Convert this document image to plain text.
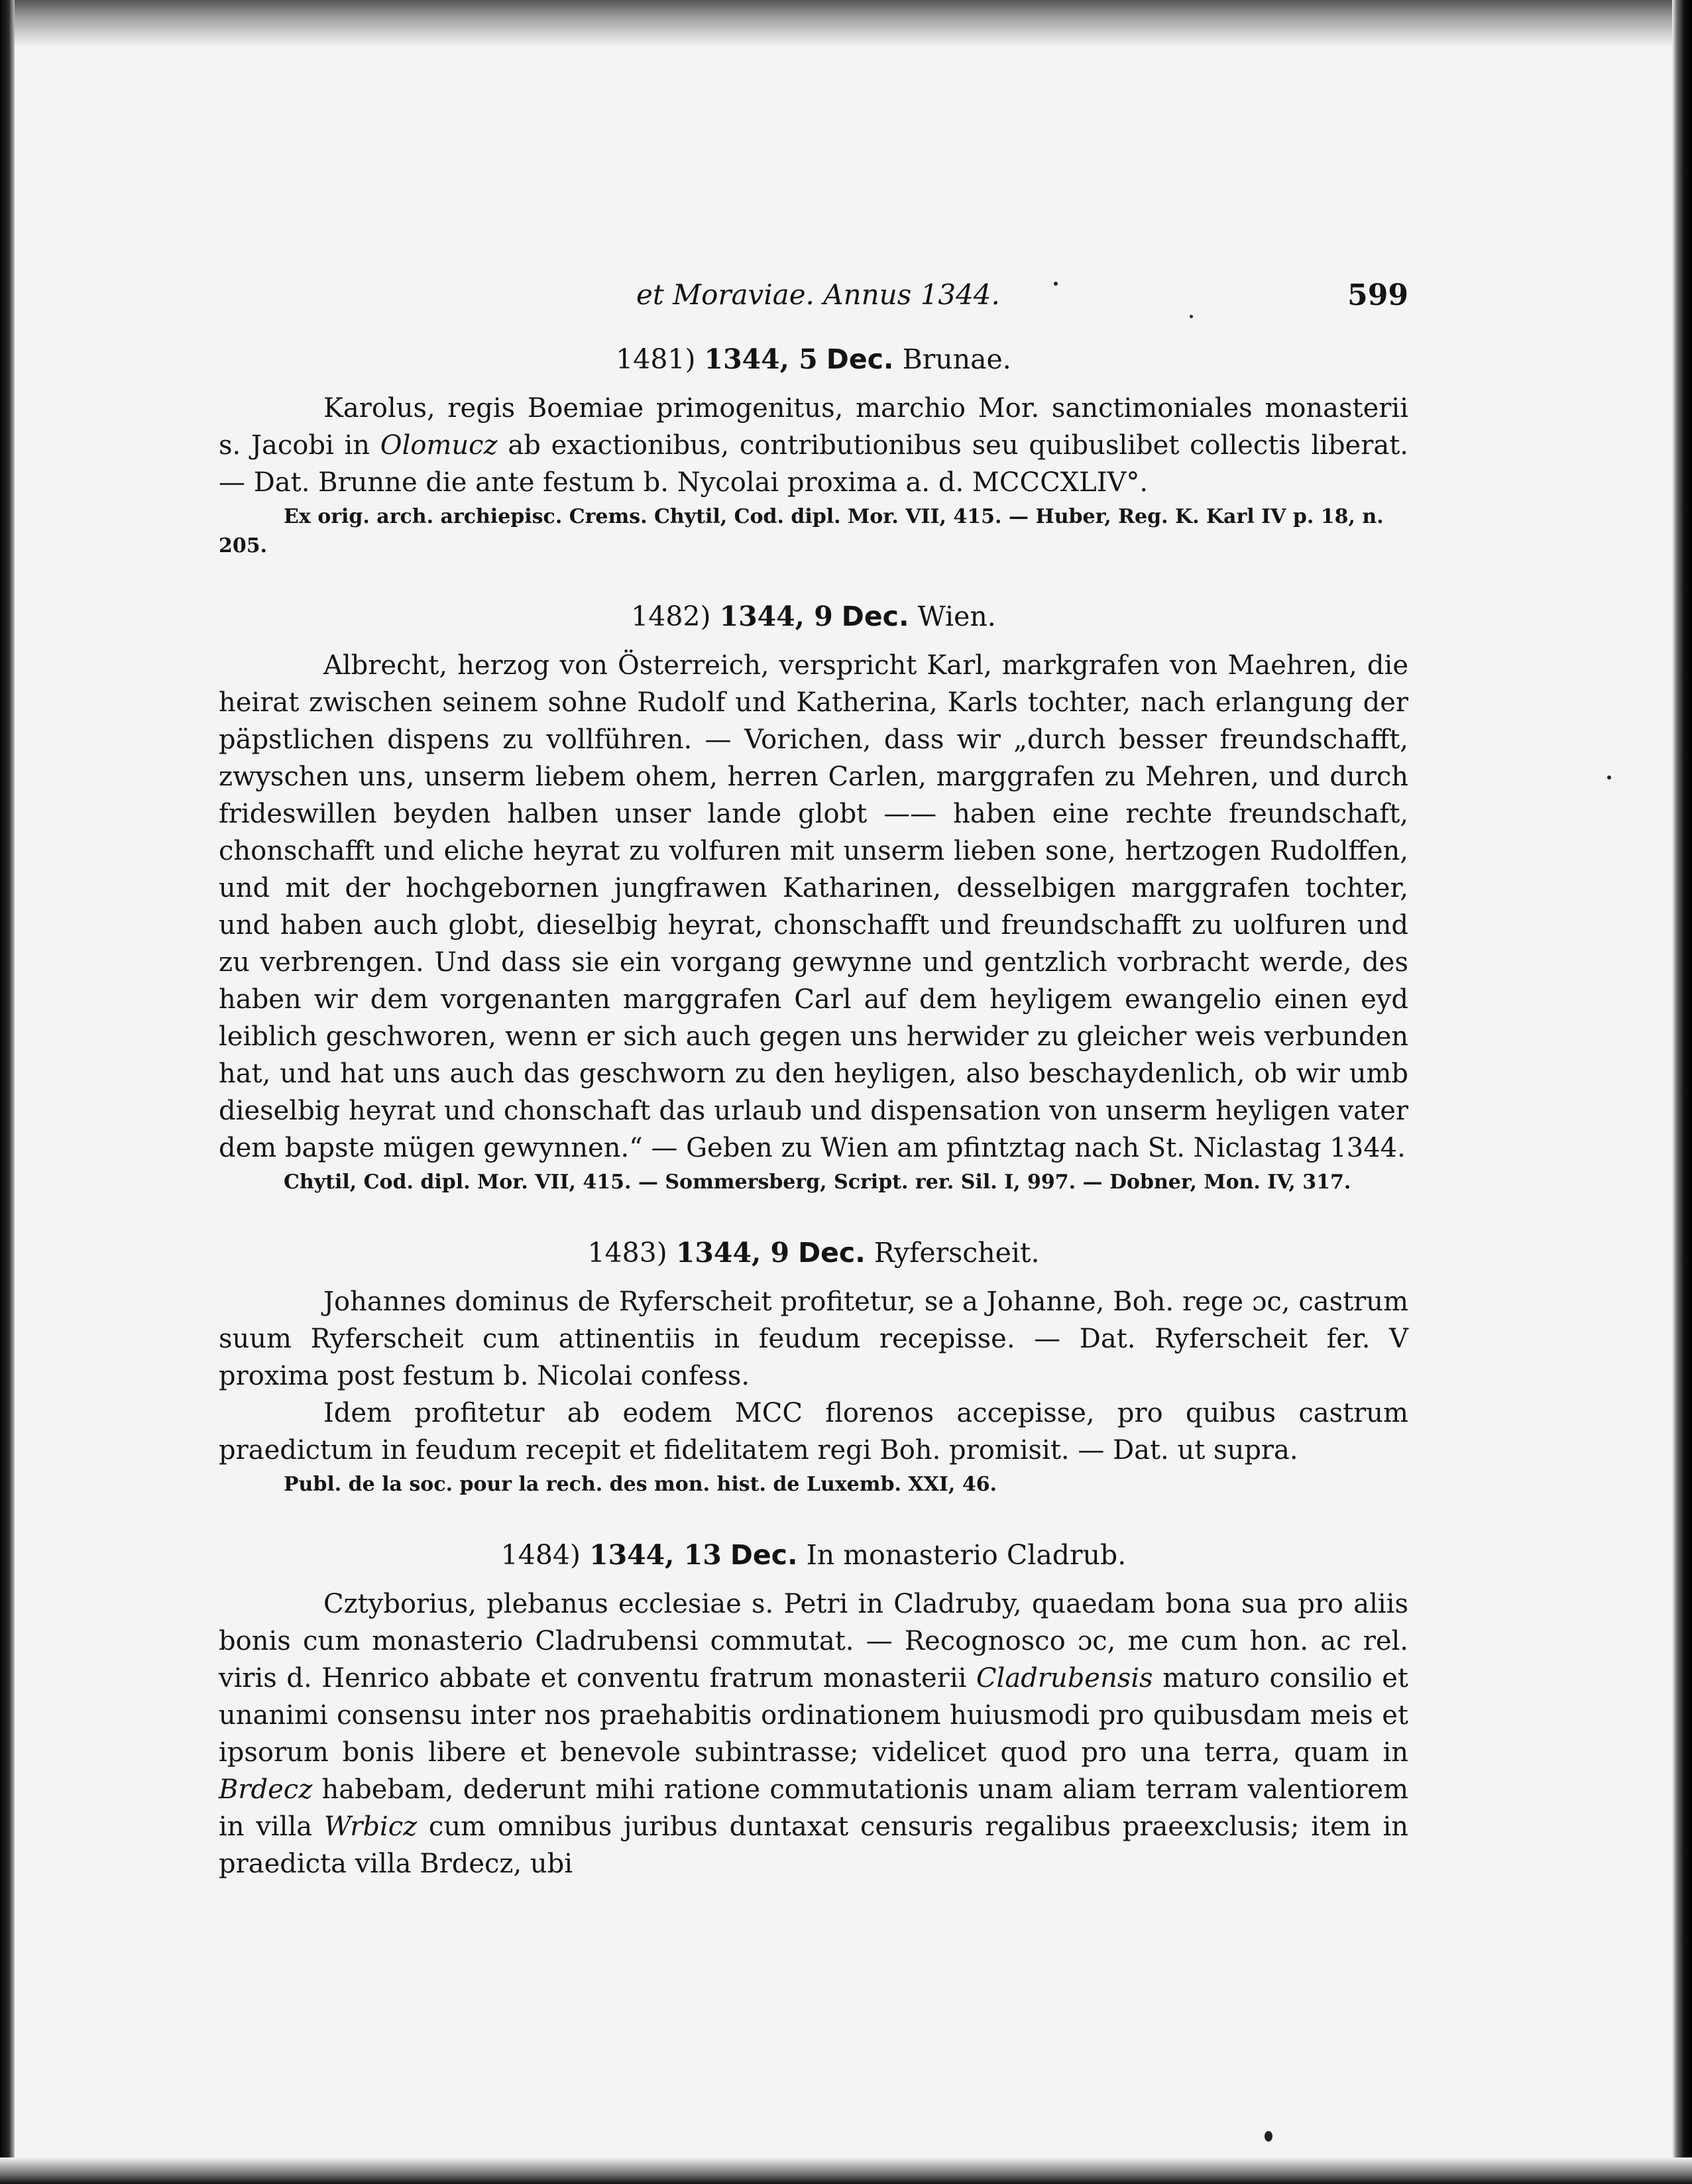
et Moraviae. Annus 1344.	599
1481) 1344, 5 Dec. Brunae.

Karolus, regis Boemiae primogenitus, marchio Mor. sanctimoniales monasterii s. Jacobi in Olomucz ab exactionibus, contributionibus seu quibuslibet collectis liberat. — Dat. Brunne die ante festum b. Nycolai proxima a. d. MCCCXLIV°.

Ex orig. arch. archiepisc. Crems. Chytil, Cod. dipl. Mor. VII, 415. — Huber, Reg. K. Karl IV p. 18, n. 205.

1482) 1344, 9 Dec. Wien.

Albrecht, herzog von Österreich, verspricht Karl, markgrafen von Maehren, die heirat zwischen seinem sohne Rudolf und Katherina, Karls tochter, nach erlangung der päpstlichen dispens zu vollführen. — Vorichen, dass wir „durch besser freundschafft, zwyschen uns, unserm liebem ohem, herren Carlen, marggrafen zu Mehren, und durch frideswillen beyden halben unser lande globt —— haben eine rechte freundschaft, chonschafft und eliche heyrat zu volfuren mit unserm lieben sone, hertzogen Rudolffen, und mit der hochgebornen jungfrawen Katharinen, desselbigen marggrafen tochter, und haben auch globt, dieselbig heyrat, chonschafft und freundschafft zu uolfuren und zu verbrengen. Und dass sie ein vorgang gewynne und gentzlich vorbracht werde, des haben wir dem vorgenanten marggrafen Carl auf dem heyligem ewangelio einen eyd leiblich geschworen, wenn er sich auch gegen uns herwider zu gleicher weis verbunden hat, und hat uns auch das geschworn zu den heyligen, also beschaydenlich, ob wir umb dieselbig heyrat und chonschaft das urlaub und dispensation von unserm heyligen vater dem bapste mügen gewynnen.“ — Geben zu Wien am pfintztag nach St. Niclastag 1344.

Chytil, Cod. dipl. Mor. VII, 415. — Sommersberg, Script. rer. Sil. I, 997. — Dobner, Mon. IV, 317.

1483) 1344, 9 Dec. Ryferscheit.

Johannes dominus de Ryferscheit profitetur, se a Johanne, Boh. rege ɔc, castrum suum Ryferscheit cum attinentiis in feudum recepisse. — Dat. Ryferscheit fer. V proxima post festum b. Nicolai confess.

Idem profitetur ab eodem MCC florenos accepisse, pro quibus castrum praedictum in feudum recepit et fidelitatem regi Boh. promisit. — Dat. ut supra.

Publ. de la soc. pour la rech. des mon. hist. de Luxemb. XXI, 46.

1484) 1344, 13 Dec. In monasterio Cladrub.

Cztyborius, plebanus ecclesiae s. Petri in Cladruby, quaedam bona sua pro aliis bonis cum monasterio Cladrubensi commutat. — Recognosco ɔc, me cum hon. ac rel. viris d. Henrico abbate et conventu fratrum monasterii Cladrubensis maturo consilio et unanimi consensu inter nos praehabitis ordinationem huiusmodi pro quibusdam meis et ipsorum bonis libere et benevole subintrasse; videlicet quod pro una terra, quam in Brdecz habebam, dederunt mihi ratione commutationis unam aliam terram valentiorem in villa Wrbicz cum omnibus juribus duntaxat censuris regalibus praeexclusis; item in praedicta villa Brdecz, ubi
